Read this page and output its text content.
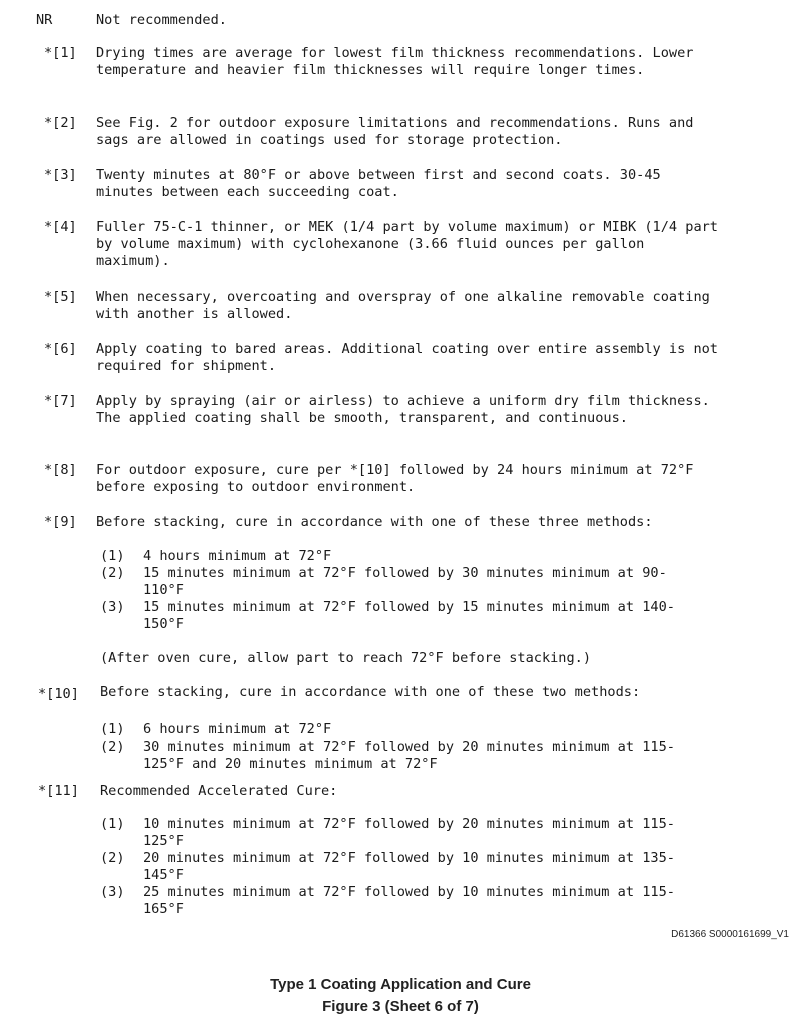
NR	Not recommended.
*[1] Drying times are average for lowest film thickness recommendations. Lower temperature and heavier film thicknesses will require longer times.
*[2] See Fig. 2 for outdoor exposure limitations and recommendations. Runs and sags are allowed in coatings used for storage protection.
*[3] Twenty minutes at 80°F or above between first and second coats. 30-45 minutes between each succeeding coat.
*[4] Fuller 75-C-1 thinner, or MEK (1/4 part by volume maximum) or MIBK (1/4 part by volume maximum) with cyclohexanone (3.66 fluid ounces per gallon maximum).
*[5] When necessary, overcoating and overspray of one alkaline removable coating with another is allowed.
*[6] Apply coating to bared areas. Additional coating over entire assembly is not required for shipment.
*[7] Apply by spraying (air or airless) to achieve a uniform dry film thickness. The applied coating shall be smooth, transparent, and continuous.
*[8] For outdoor exposure, cure per *[10] followed by 24 hours minimum at 72°F before exposing to outdoor environment.
*[9] Before stacking, cure in accordance with one of these three methods:
(1) 4 hours minimum at 72°F
(2) 15 minutes minimum at 72°F followed by 30 minutes minimum at 90-110°F
(3) 15 minutes minimum at 72°F followed by 15 minutes minimum at 140-150°F
(After oven cure, allow part to reach 72°F before stacking.)
*[10] Before stacking, cure in accordance with one of these two methods:
(1) 6 hours minimum at 72°F
(2) 30 minutes minimum at 72°F followed by 20 minutes minimum at 115-125°F and 20 minutes minimum at 72°F
*[11] Recommended Accelerated Cure:
(1) 10 minutes minimum at 72°F followed by 20 minutes minimum at 115-125°F
(2) 20 minutes minimum at 72°F followed by 10 minutes minimum at 135-145°F
(3) 25 minutes minimum at 72°F followed by 10 minutes minimum at 115-165°F
D61366 S0000161699_V1
Type 1 Coating Application and Cure
Figure 3 (Sheet 6 of 7)
